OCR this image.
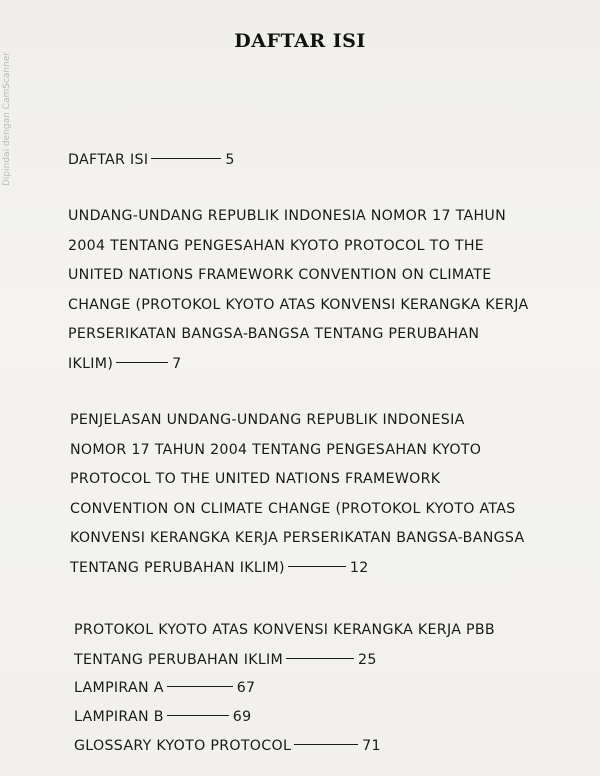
Dipindai dengan CamScanner
DAFTAR ISI
DAFTAR ISI	5
UNDANG-UNDANG REPUBLIK INDONESIA NOMOR 17 TAHUN
2004 TENTANG PENGESAHAN KYOTO PROTOCOL TO THE
UNITED NATIONS FRAMEWORK CONVENTION ON CLIMATE
CHANGE (PROTOKOL KYOTO ATAS KONVENSI KERANGKA KERJA
PERSERIKATAN BANGSA-BANGSA TENTANG PERUBAHAN
IKLIM)	7
PENJELASAN UNDANG-UNDANG REPUBLIK INDONESIA
NOMOR 17 TAHUN 2004 TENTANG PENGESAHAN KYOTO
PROTOCOL TO THE UNITED NATIONS FRAMEWORK
CONVENTION ON CLIMATE CHANGE (PROTOKOL KYOTO ATAS
KONVENSI KERANGKA KERJA PERSERIKATAN BANGSA-BANGSA
TENTANG PERUBAHAN IKLIM)	12
PROTOKOL KYOTO ATAS KONVENSI KERANGKA KERJA PBB
TENTANG PERUBAHAN IKLIM	25
LAMPIRAN A	67
LAMPIRAN B	69
GLOSSARY KYOTO PROTOCOL	71
